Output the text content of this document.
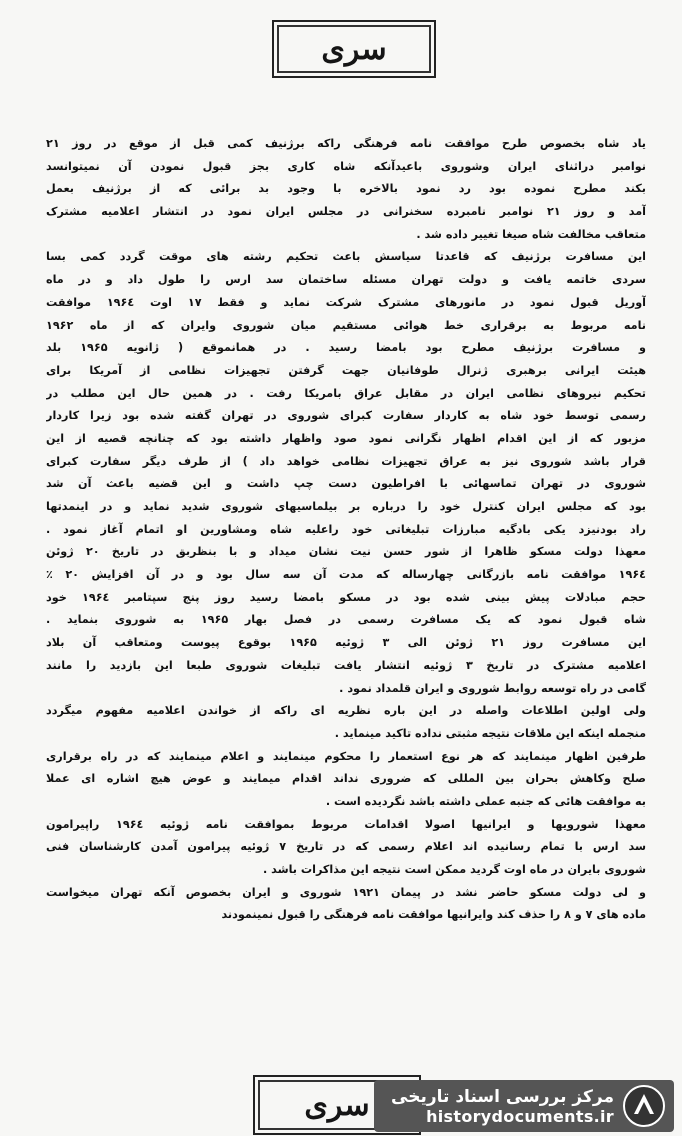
سری
یاد شاه بخصوص طرح موافقت نامه فرهنگی راکه برژنیف کمی قبل از موقع در روز ۲۱
نوامبر دراثنای ایران وشوروی باعیدآنکه شاه کاری بجز قبول نمودن آن نمیتوانسد
بکند مطرح نموده بود رد نمود بالاخره با وجود بد برائی که از برژنیف بعمل
آمد و روز ۲۱ نوامبر نامبرده سخنرانی در مجلس ایران نمود در انتشار اعلامیه مشترک
متعاقب مخالفت شاه صیغا تغییر داده شد .
این مسافرت برژنیف که قاعدتا سیاسش باعث تحکیم رشته های موقت گردد کمی بسا
سردی خاتمه یافت و دولت تهران مسئله ساختمان سد ارس را طول داد و در ماه
آوریل قبول نمود در مانورهای مشترک شرکت نماید و فقط ۱۷ اوت ۱۹۶٤ موافقت
نامه مربوط به برقراری خط هوائی مستقیم میان شوروی وایران که از ماه ۱۹۶۲
و مسافرت برژنیف مطرح بود بامضا رسید . در همانموقع ( ژانویه ۱۹۶۵ بلد
هیئت ایرانی برهبری ژنرال طوفانیان جهت گرفتن تجهیزات نظامی از آمریکا برای
تحکیم نیروهای نظامی ایران در مقابل عراق بامریکا رفت . در همین حال این مطلب در
رسمی توسط خود شاه به کاردار سفارت کبرای شوروی در تهران گفته شده بود زیرا کاردار
مزبور که از این اقدام اظهار نگرانی نمود صود واظهار داشته بود که چنانچه قصیه از این
قرار باشد شوروی نیز به عراق تجهیزات نظامی خواهد داد ) از طرف دیگر سفارت کبرای
شوروی در تهران تماسهائی با افراطیون دست چپ داشت و این قضیه باعث آن شد
بود که مجلس ایران کنترل خود را درباره بر بیلماسیهای شوروی شدید نماید و در اینمدتها
راد بودنیزد یکی بادگیه مبارزات تبلیغاتی خود راعلیه شاه ومشاورین او اتمام آغاز نمود .
معهذا دولت مسکو ظاهرا از شور حسن نیت نشان میداد و با بنظربق در تاریخ ۲۰ ژوئن
۱۹۶٤ موافقت نامه بازرگانی چهارساله که مدت آن سه سال بود و در آن افزایش ۲۰ ٪
حجم مبادلات پیش بینی شده بود در مسکو بامضا رسید روز پنج سپتامبر ۱۹۶٤ خود
شاه قبول نمود که یک مسافرت رسمی در فصل بهار ۱۹۶۵ به شوروی بنماید .
این مسافرت روز ۲۱ ژوئن الی ۳ ژوئیه ۱۹۶۵ بوقوع پیوست ومتعاقب آن بلاد
اعلامیه مشترک در تاریخ ۳ ژوئیه انتشار یافت تبلیغات شوروی طبعا این بازدید را مانند
گامی در راه توسعه روابط شوروی و ایران قلمداد نمود .
ولی اولین اطلاعات واصله در این باره نظریه ای راکه از خواندن اعلامیه مفهوم میگردد
منجمله اینکه این ملاقات نتیجه مثبتی نداده تاکید مینماید .
طرفین اظهار مینمایند که هر نوع استعمار را محکوم مینمایند و اعلام مینمایند که در راه برقراری
صلح وکاهش بحران بین المللی که ضروری نداند اقدام میمایند و عوض هیچ اشاره ای عملا
به موافقت هائی که جنبه عملی داشته باشد نگردیده است .
معهذا شورویها و ایرانیها اصولا اقدامات مربوط بموافقت نامه ژوئیه ۱۹۶٤ راپیرامون
سد ارس با تمام رسانیده اند اعلام رسمی که در تاریخ ۷ ژوئیه پیرامون آمدن کارشناسان فنی
شوروی بایران در ماه اوت گردید ممکن است نتیجه این مذاکرات باشد .
و لی دولت مسکو حاضر نشد در پیمان ۱۹۲۱ شوروی و ایران بخصوص آنکه تهران میخواست
ماده های ۷ و ۸ را حذف کند وایرانیها موافقت نامه فرهنگی را قبول نمینمودند
سری	مرکز بررسی اسناد تاریخی
historydocuments.ir
